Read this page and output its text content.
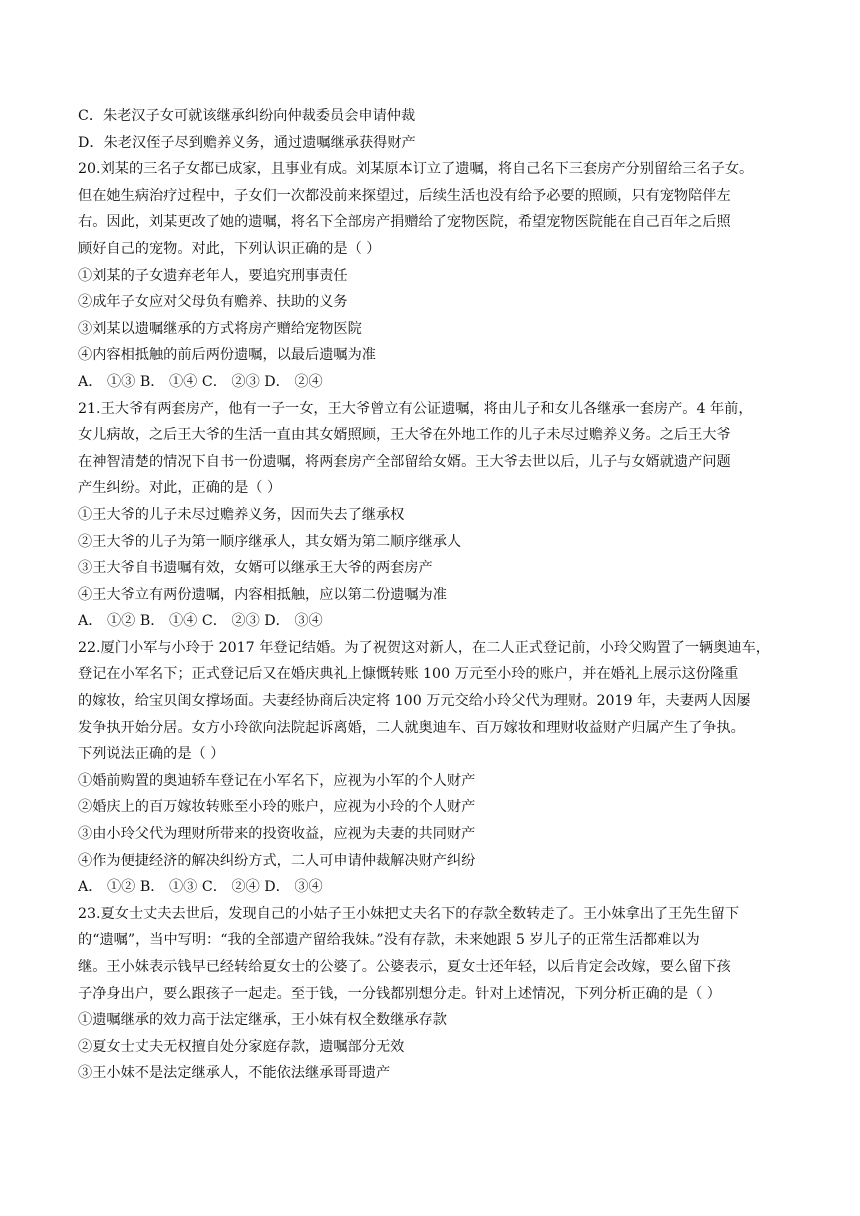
C．朱老汉子女可就该继承纠纷向仲裁委员会申请仲裁
D．朱老汉侄子尽到赡养义务，通过遗嘱继承获得财产
20.刘某的三名子女都已成家，且事业有成。刘某原本订立了遗嘱，将自己名下三套房产分别留给三名子女。
但在她生病治疗过程中，子女们一次都没前来探望过，后续生活也没有给予必要的照顾，只有宠物陪伴左
右。因此，刘某更改了她的遗嘱，将名下全部房产捐赠给了宠物医院，希望宠物医院能在自己百年之后照
顾好自己的宠物。对此，下列认识正确的是（ ）
①刘某的子女遗弃老年人，要追究刑事责任
②成年子女应对父母负有赡养、扶助的义务
③刘某以遗嘱继承的方式将房产赠给宠物医院
④内容相抵触的前后两份遗嘱，以最后遗嘱为准
A． ①③ B． ①④ C． ②③ D． ②④
21.王大爷有两套房产，他有一子一女，王大爷曾立有公证遗嘱，将由儿子和女儿各继承一套房产。4 年前，
女儿病故，之后王大爷的生活一直由其女婿照顾，王大爷在外地工作的儿子未尽过赡养义务。之后王大爷
在神智清楚的情况下自书一份遗嘱，将两套房产全部留给女婿。王大爷去世以后，儿子与女婿就遗产问题
产生纠纷。对此，正确的是（ ）
①王大爷的儿子未尽过赡养义务，因而失去了继承权
②王大爷的儿子为第一顺序继承人，其女婿为第二顺序继承人
③王大爷自书遗嘱有效，女婿可以继承王大爷的两套房产
④王大爷立有两份遗嘱，内容相抵触，应以第二份遗嘱为准
A． ①② B． ①④ C． ②③ D． ③④
22.厦门小军与小玲于 2017 年登记结婚。为了祝贺这对新人，在二人正式登记前，小玲父购置了一辆奥迪车，
登记在小军名下；正式登记后又在婚庆典礼上慷慨转账 100 万元至小玲的账户，并在婚礼上展示这份隆重
的嫁妆，给宝贝闺女撑场面。夫妻经协商后决定将 100 万元交给小玲父代为理财。2019 年，夫妻两人因屡
发争执开始分居。女方小玲欲向法院起诉离婚，二人就奥迪车、百万嫁妆和理财收益财产归属产生了争执。
下列说法正确的是（ ）
①婚前购置的奥迪轿车登记在小军名下，应视为小军的个人财产
②婚庆上的百万嫁妆转账至小玲的账户，应视为小玲的个人财产
③由小玲父代为理财所带来的投资收益，应视为夫妻的共同财产
④作为便捷经济的解决纠纷方式，二人可申请仲裁解决财产纠纷
A． ①② B． ①③ C． ②④ D． ③④
23.夏女士丈夫去世后，发现自己的小姑子王小妹把丈夫名下的存款全数转走了。王小妹拿出了王先生留下
的“遗嘱”，当中写明：“我的全部遗产留给我妹。”没有存款，未来她跟 5 岁儿子的正常生活都难以为
继。王小妹表示钱早已经转给夏女士的公婆了。公婆表示，夏女士还年轻，以后肯定会改嫁，要么留下孩
子净身出户，要么跟孩子一起走。至于钱，一分钱都别想分走。针对上述情况，下列分析正确的是（ ）
①遗嘱继承的效力高于法定继承，王小妹有权全数继承存款
②夏女士丈夫无权擅自处分家庭存款，遗嘱部分无效
③王小妹不是法定继承人，不能依法继承哥哥遗产
